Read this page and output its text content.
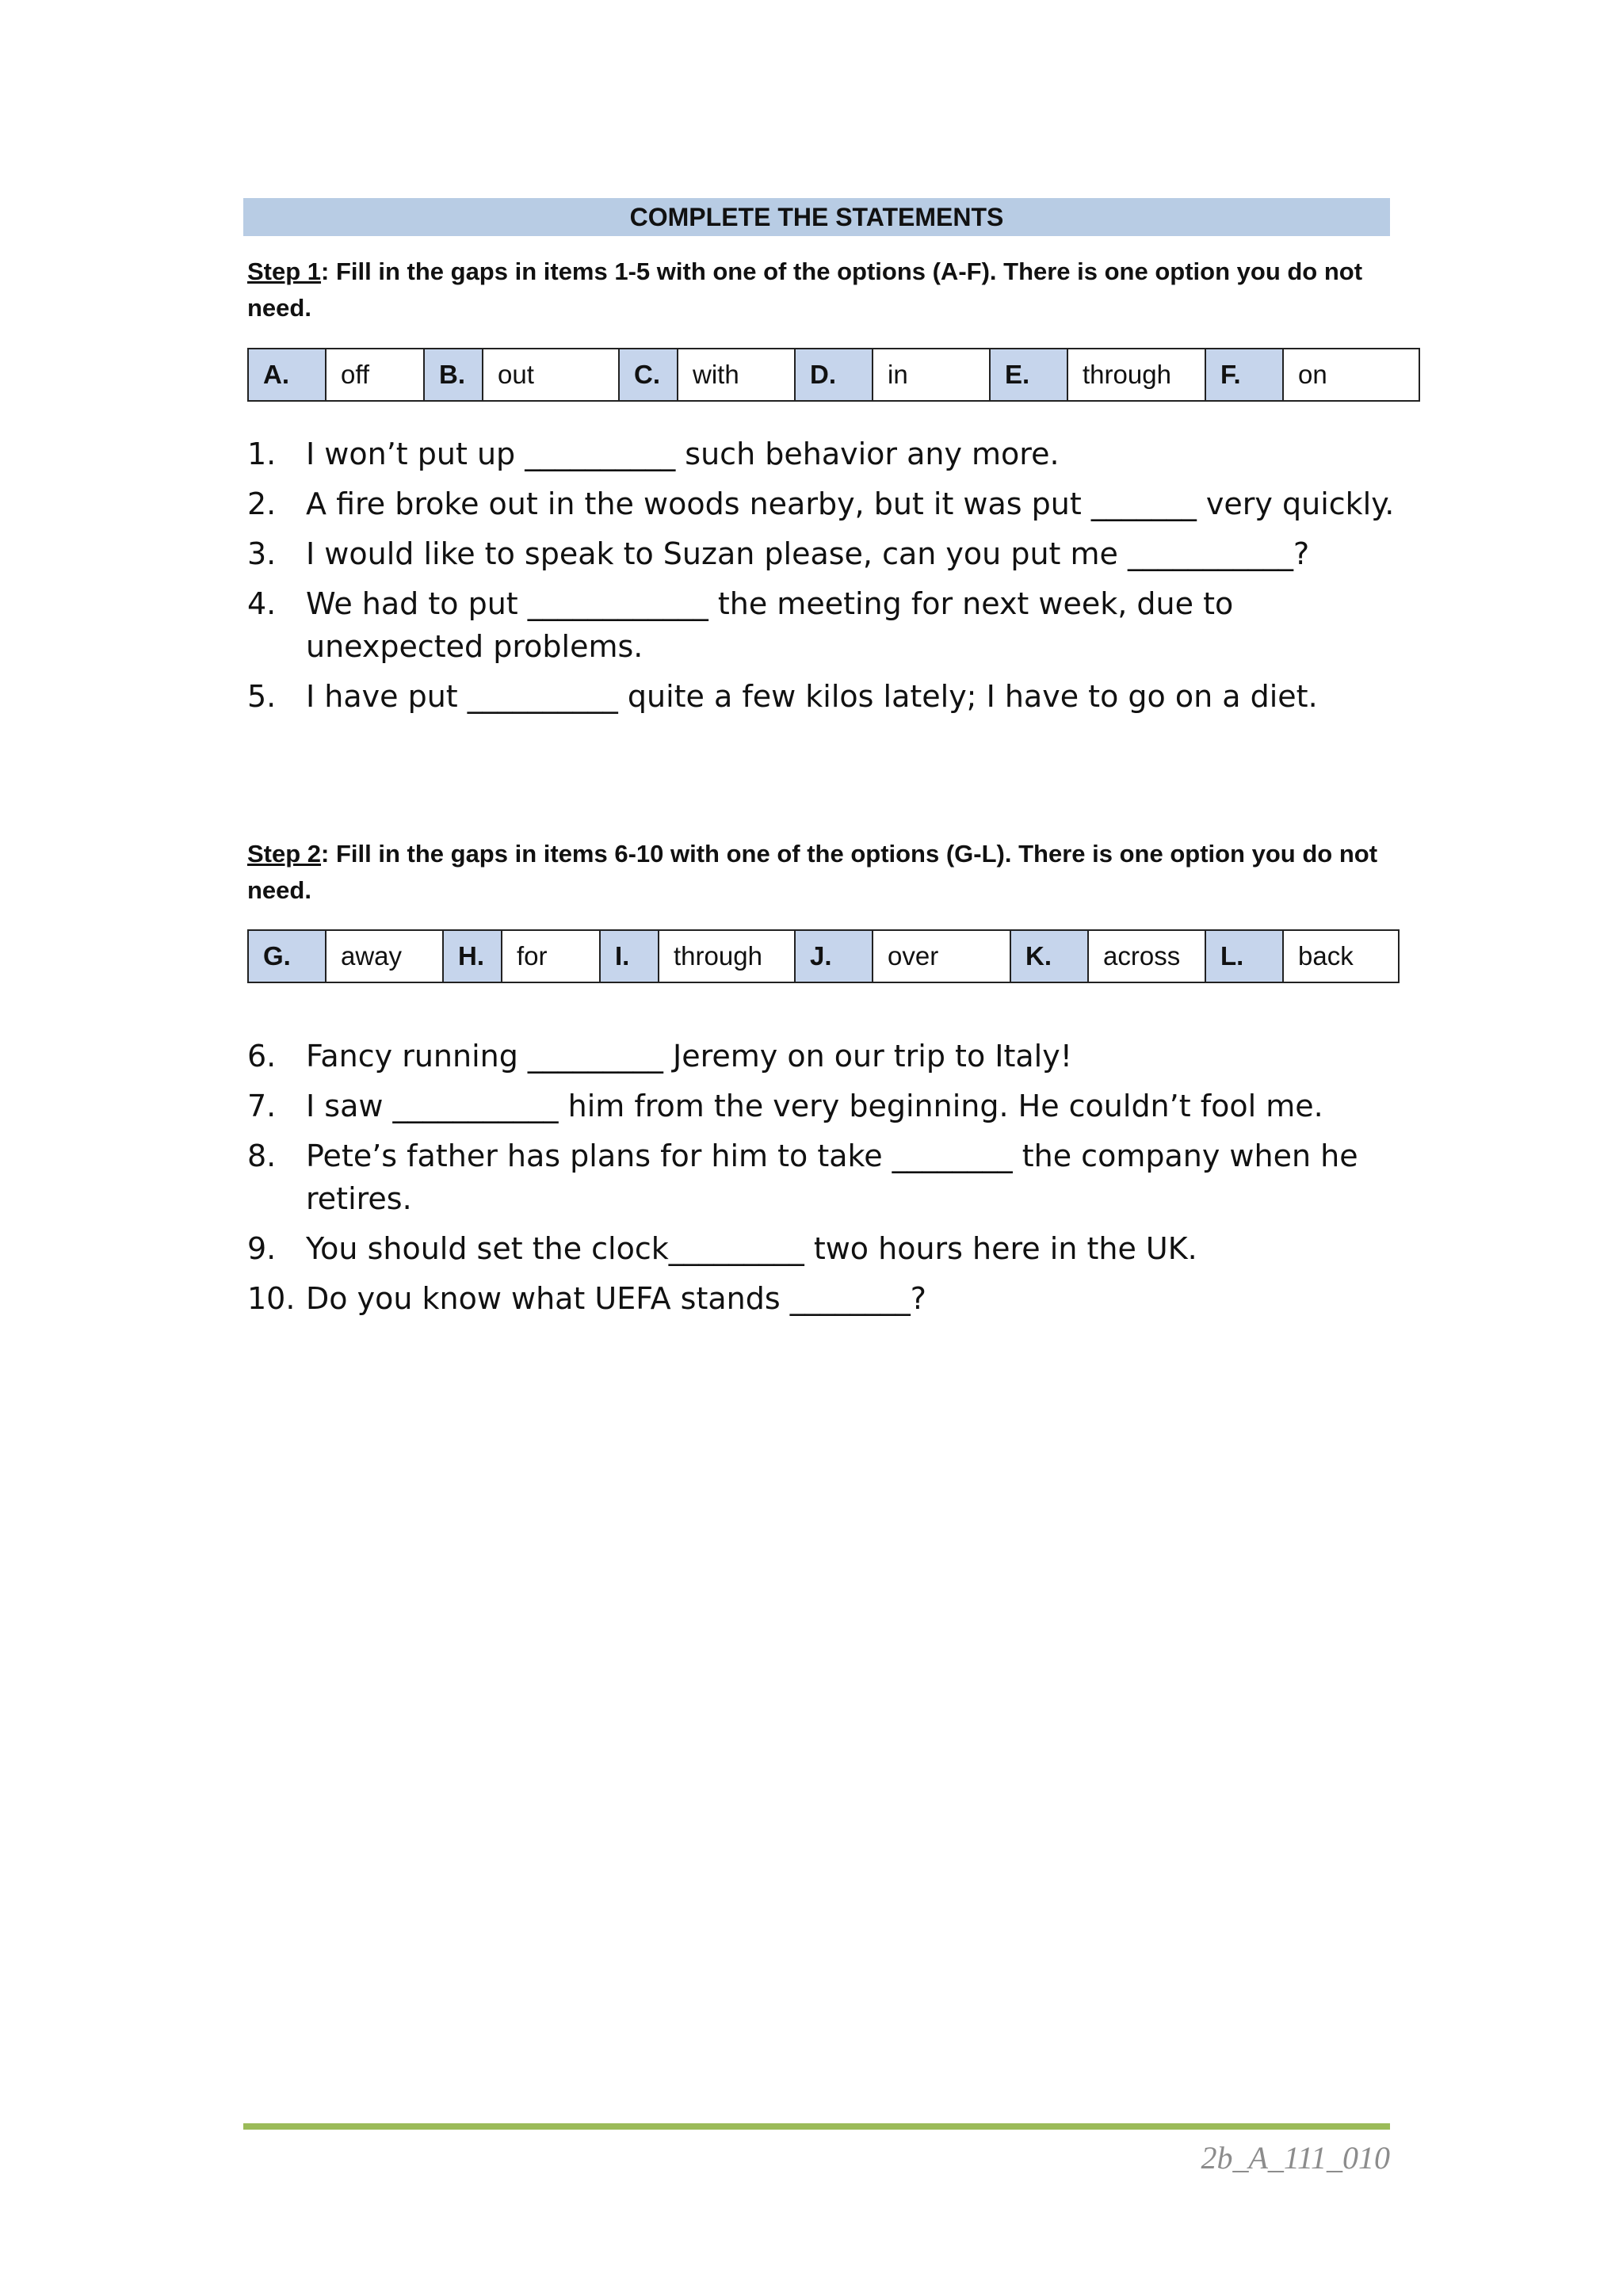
COMPLETE THE STATEMENTS
Step 1: Fill in the gaps in items 1-5 with one of the options (A-F). There is one option you do not need.
A.	off	B.	out	C.	with	D.	in	E.	through	F.	on
1. I won’t put up __________ such behavior any more.
2. A fire broke out in the woods nearby, but it was put _______ very quickly.
3. I would like to speak to Suzan please, can you put me ___________?
4. We had to put ____________ the meeting for next week, due to unexpected problems.
5. I have put __________ quite a few kilos lately; I have to go on a diet.
Step 2: Fill in the gaps in items 6-10 with one of the options (G-L). There is one option you do not need.
G.	away	H.	for	I.	through	J.	over	K.	across	L.	back
6. Fancy running _________ Jeremy on our trip to Italy!
7. I saw ___________ him from the very beginning. He couldn’t fool me.
8. Pete’s father has plans for him to take ________ the company when he retires.
9. You should set the clock_________ two hours here in the UK.
10. Do you know what UEFA stands ________?
2b_A_111_010
